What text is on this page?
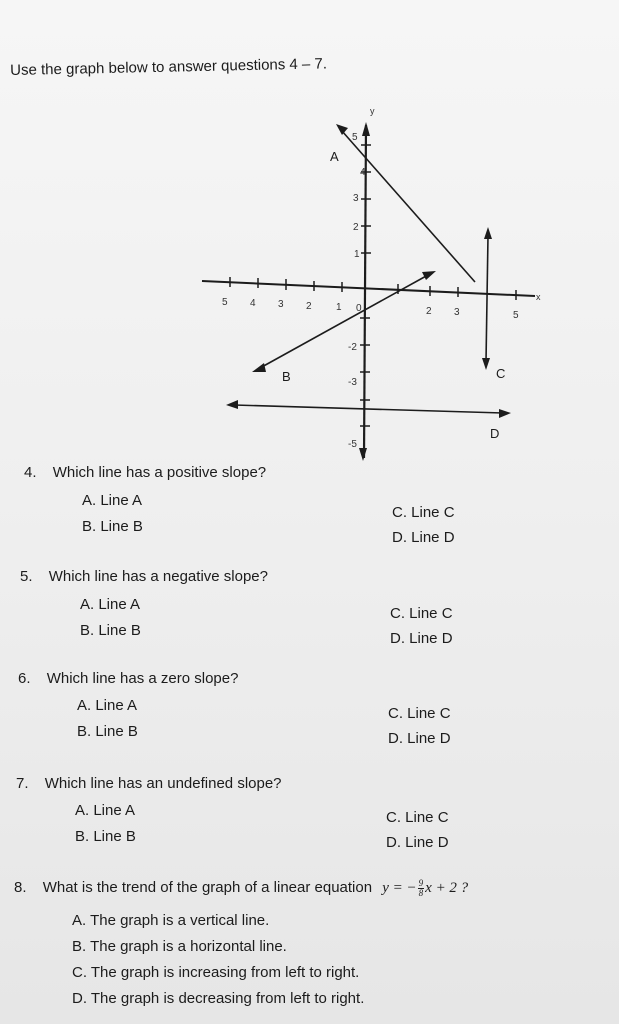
Use the graph below to answer questions 4 – 7.
x
y
5 4 3 2 1 0	2 3	5
5
4
3
2
1
-2
-3
-5
A
B	C
D
4. Which line has a positive slope?
A. Line A
B. Line B
C. Line C
D. Line D
5. Which line has a negative slope?
A. Line A
B. Line B
C. Line C
D. Line D
6. Which line has a zero slope?
A. Line A
B. Line B
C. Line C
D. Line D
7. Which line has an undefined slope?
A. Line A
B. Line B
C. Line C
D. Line D
8. What is the trend of the graph of a linear equation y = − $\frac{9}{8}$ x + 2 ?
A. The graph is a vertical line.
B. The graph is a horizontal line.
C. The graph is increasing from left to right.
D. The graph is decreasing from left to right.
